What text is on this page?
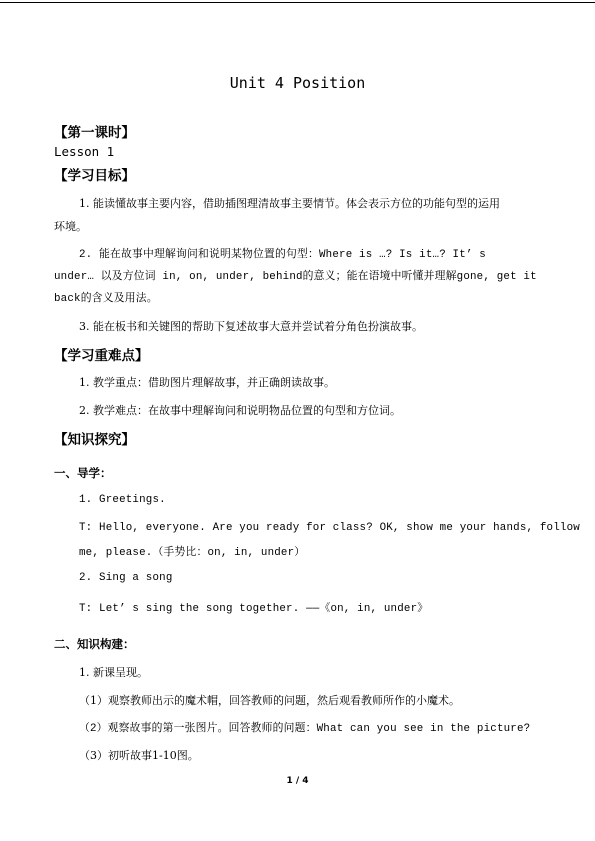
Unit 4 Position
【第一课时】
Lesson 1
【学习目标】
1. 能读懂故事主要内容，借助插图理清故事主要情节。体会表示方位的功能句型的运用
环境。
2. 能在故事中理解询问和说明某物位置的句型：Where is …? Is it…? It’ s
under… 以及方位词 in, on, under, behind的意义；能在语境中听懂并理解gone, get it
back的含义及用法。
3. 能在板书和关键图的帮助下复述故事大意并尝试着分角色扮演故事。
【学习重难点】
1. 教学重点：借助图片理解故事，并正确朗读故事。
2. 教学难点：在故事中理解询问和说明物品位置的句型和方位词。
【知识探究】
一、导学：
1. Greetings.
T: Hello, everyone. Are you ready for class? OK, show me your hands, follow
me, please.（手势比：on, in, under）
2. Sing a song
T: Let’ s sing the song together. ——《on, in, under》
二、知识构建：
1. 新课呈现。
（1）观察教师出示的魔术帽，回答教师的问题，然后观看教师所作的小魔术。
（2）观察故事的第一张图片。回答教师的问题：What can you see in the picture?
（3）初听故事1-10图。
1 / 4
